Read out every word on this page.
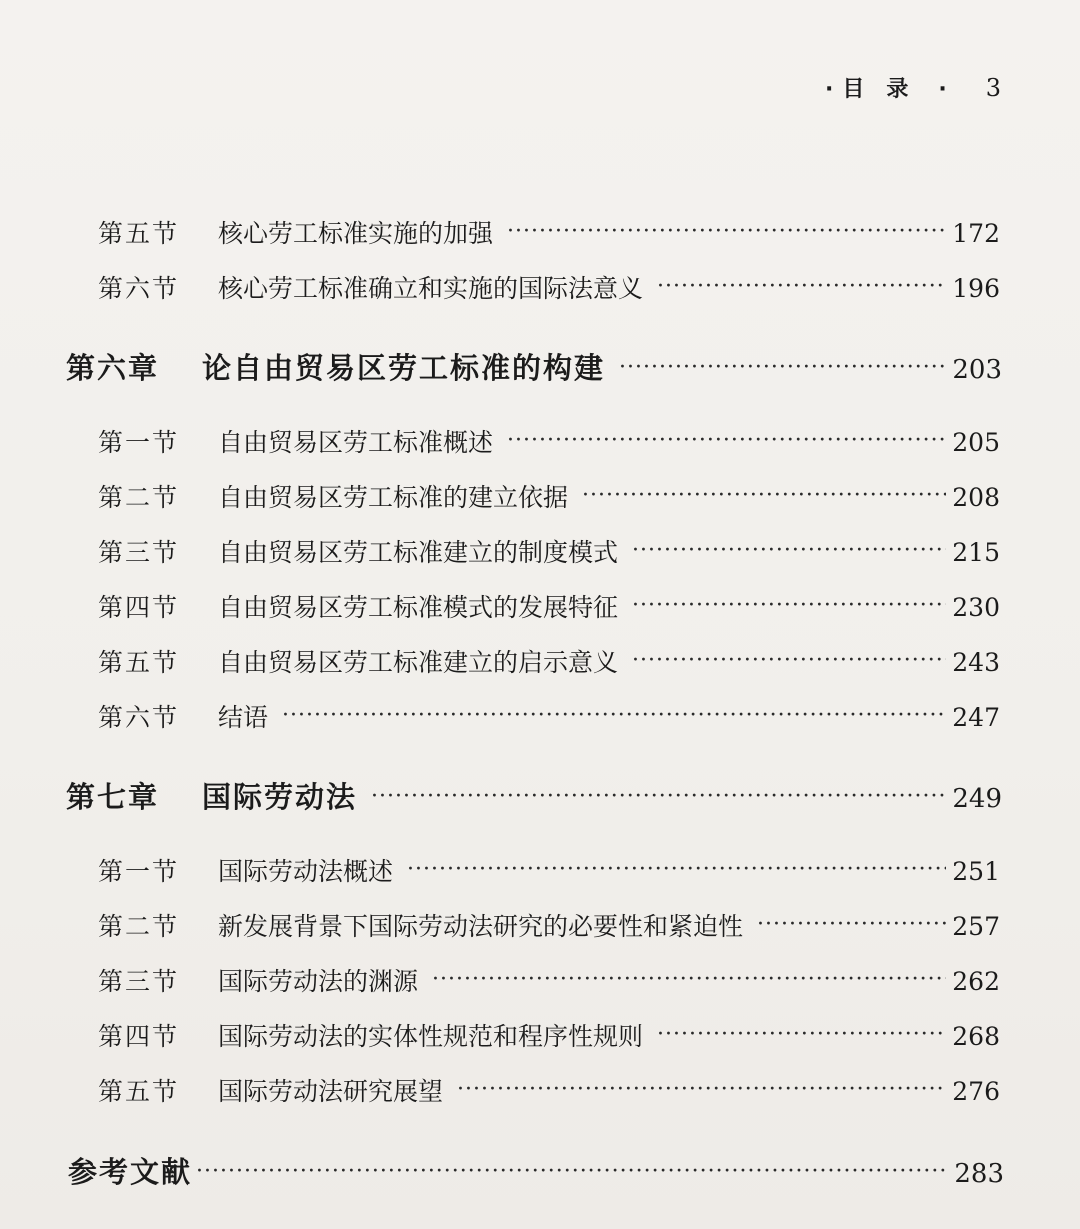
· 目录 · 3
第五节	核心劳工标准实施的加强 ·····	172
第六节	核心劳工标准确立和实施的国际法意义 ·····	196
第六章	论自由贸易区劳工标准的构建 ·····	203
第一节	自由贸易区劳工标准概述 ·····	205
第二节	自由贸易区劳工标准的建立依据 ·····	208
第三节	自由贸易区劳工标准建立的制度模式 ·····	215
第四节	自由贸易区劳工标准模式的发展特征 ·····	230
第五节	自由贸易区劳工标准建立的启示意义 ·····	243
第六节	结语 ·····	247
第七章	国际劳动法 ·····	249
第一节	国际劳动法概述 ·····	251
第二节	新发展背景下国际劳动法研究的必要性和紧迫性 ·····	257
第三节	国际劳动法的渊源 ·····	262
第四节	国际劳动法的实体性规范和程序性规则 ·····	268
第五节	国际劳动法研究展望 ·····	276
参考文献 ·····	283
